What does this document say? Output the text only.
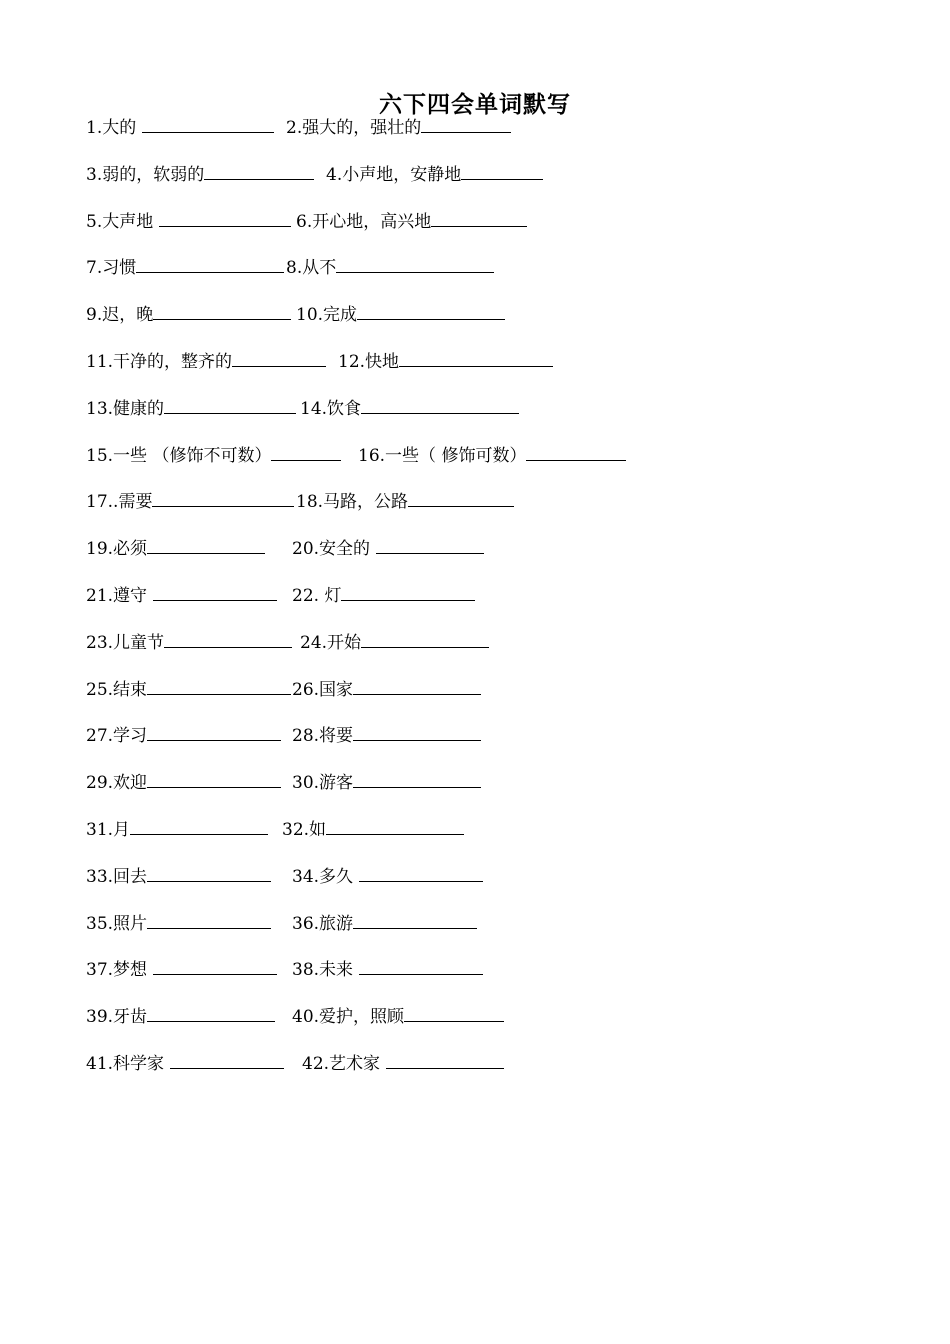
六下四会单词默写
1.大的	2.强大的，强壮的
3.弱的，软弱的	4.小声地，安静地
5.大声地	6.开心地，高兴地
7.习惯	8.从不
9.迟，晚	10.完成
11.干净的，整齐的	12.快地
13.健康的	14.饮食
15.一些 （修饰不可数）	16.一些（ 修饰可数）
17..需要	18.马路，公路
19.必须	20.安全的
21.遵守	22. 灯
23.儿童节	24.开始
25.结束	26.国家
27.学习	28.将要
29.欢迎	30.游客
31.月	32.如
33.回去	34.多久
35.照片	36.旅游
37.梦想	38.未来
39.牙齿	40.爱护，照顾
41.科学家	42.艺术家
